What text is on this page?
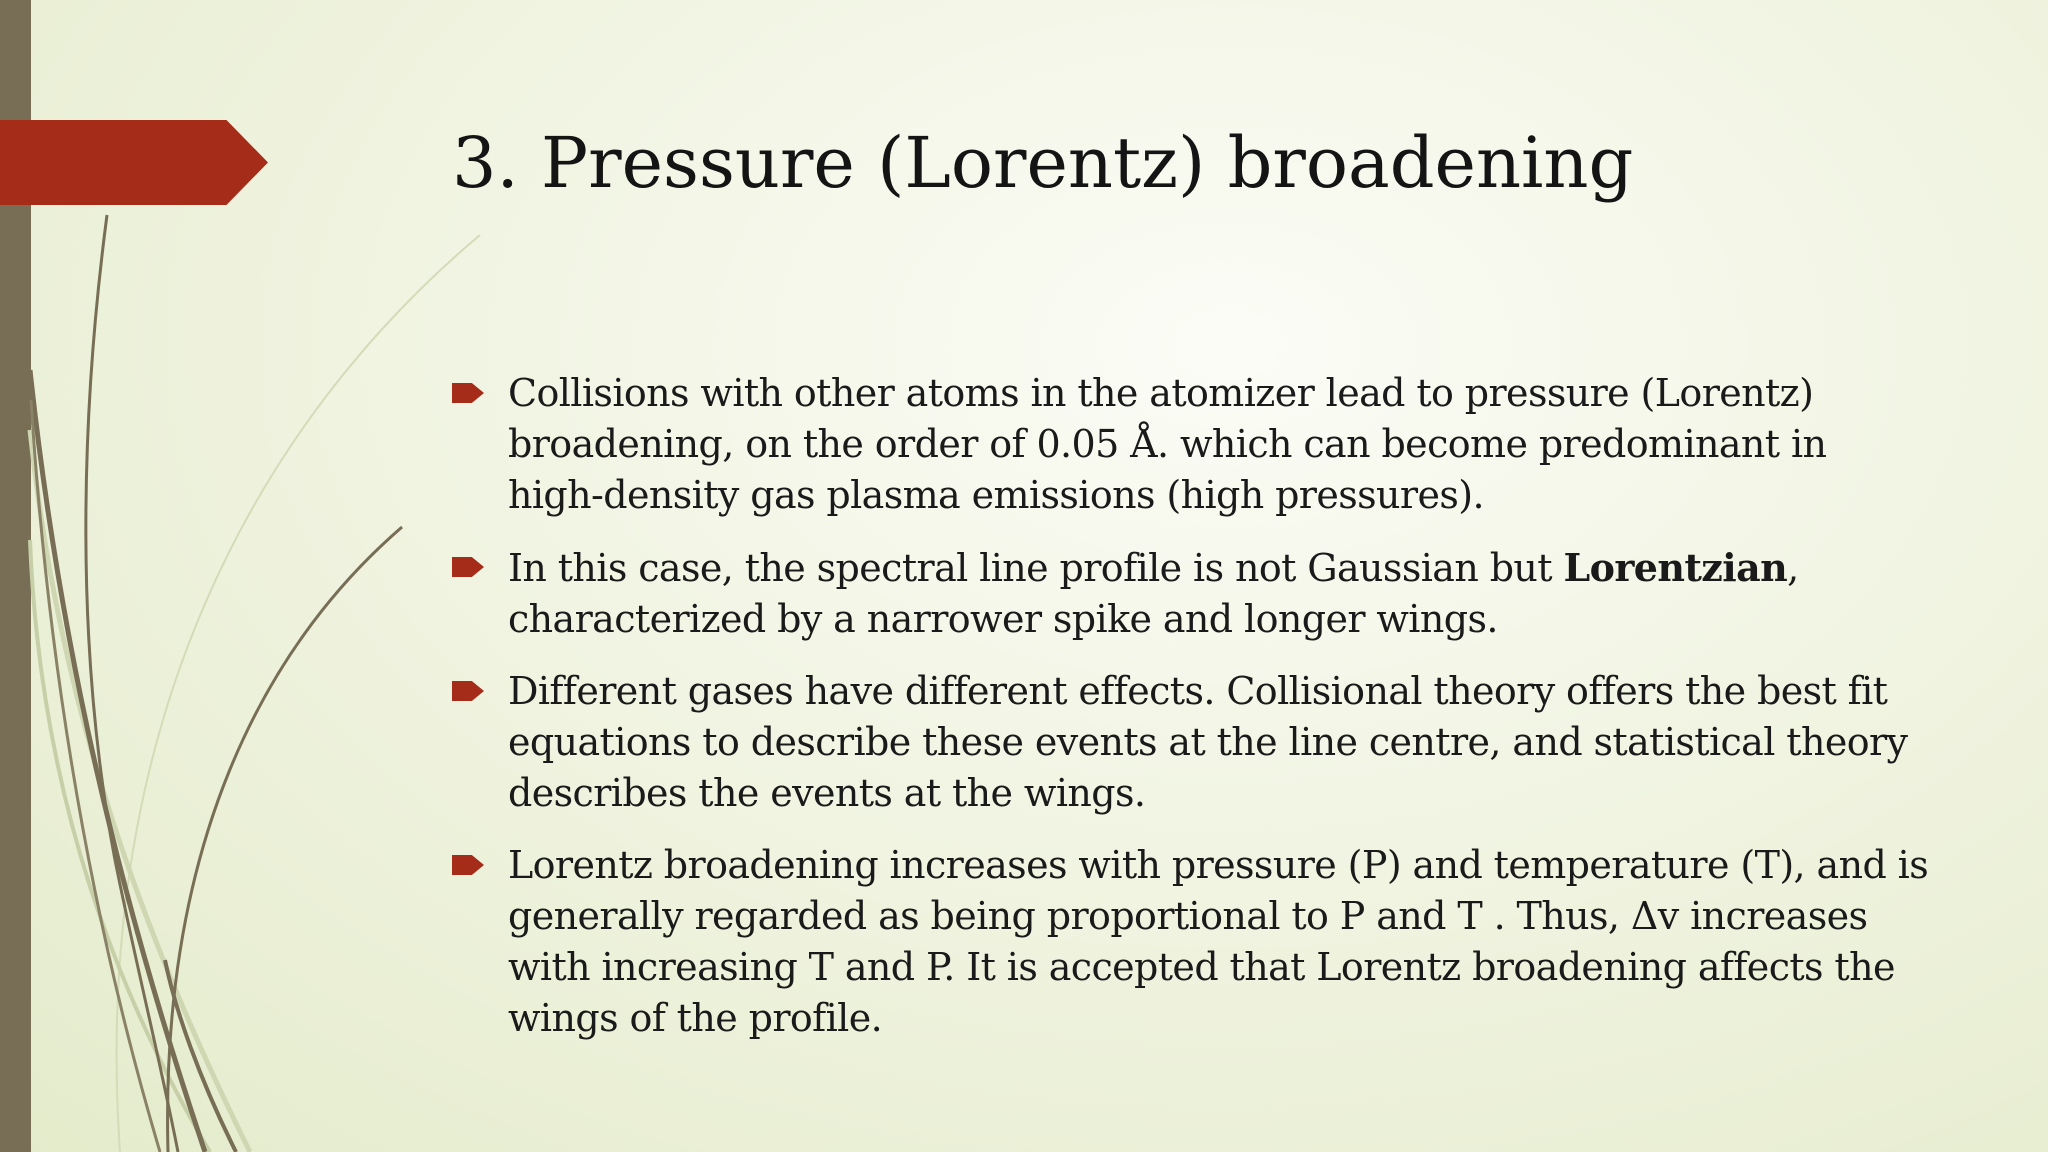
3. Pressure (Lorentz) broadening
Collisions with other atoms in the atomizer lead to pressure (Lorentz) broadening, on the order of 0.05 Å. which can become predominant in high-density gas plasma emissions (high pressures).
In this case, the spectral line profile is not Gaussian but Lorentzian, characterized by a narrower spike and longer wings.
Different gases have different effects. Collisional theory offers the best fit equations to describe these events at the line centre, and statistical theory describes the events at the wings.
Lorentz broadening increases with pressure (P) and temperature (T), and is generally regarded as being proportional to P and T . Thus, Δv increases with increasing T and P. It is accepted that Lorentz broadening affects the wings of the profile.
